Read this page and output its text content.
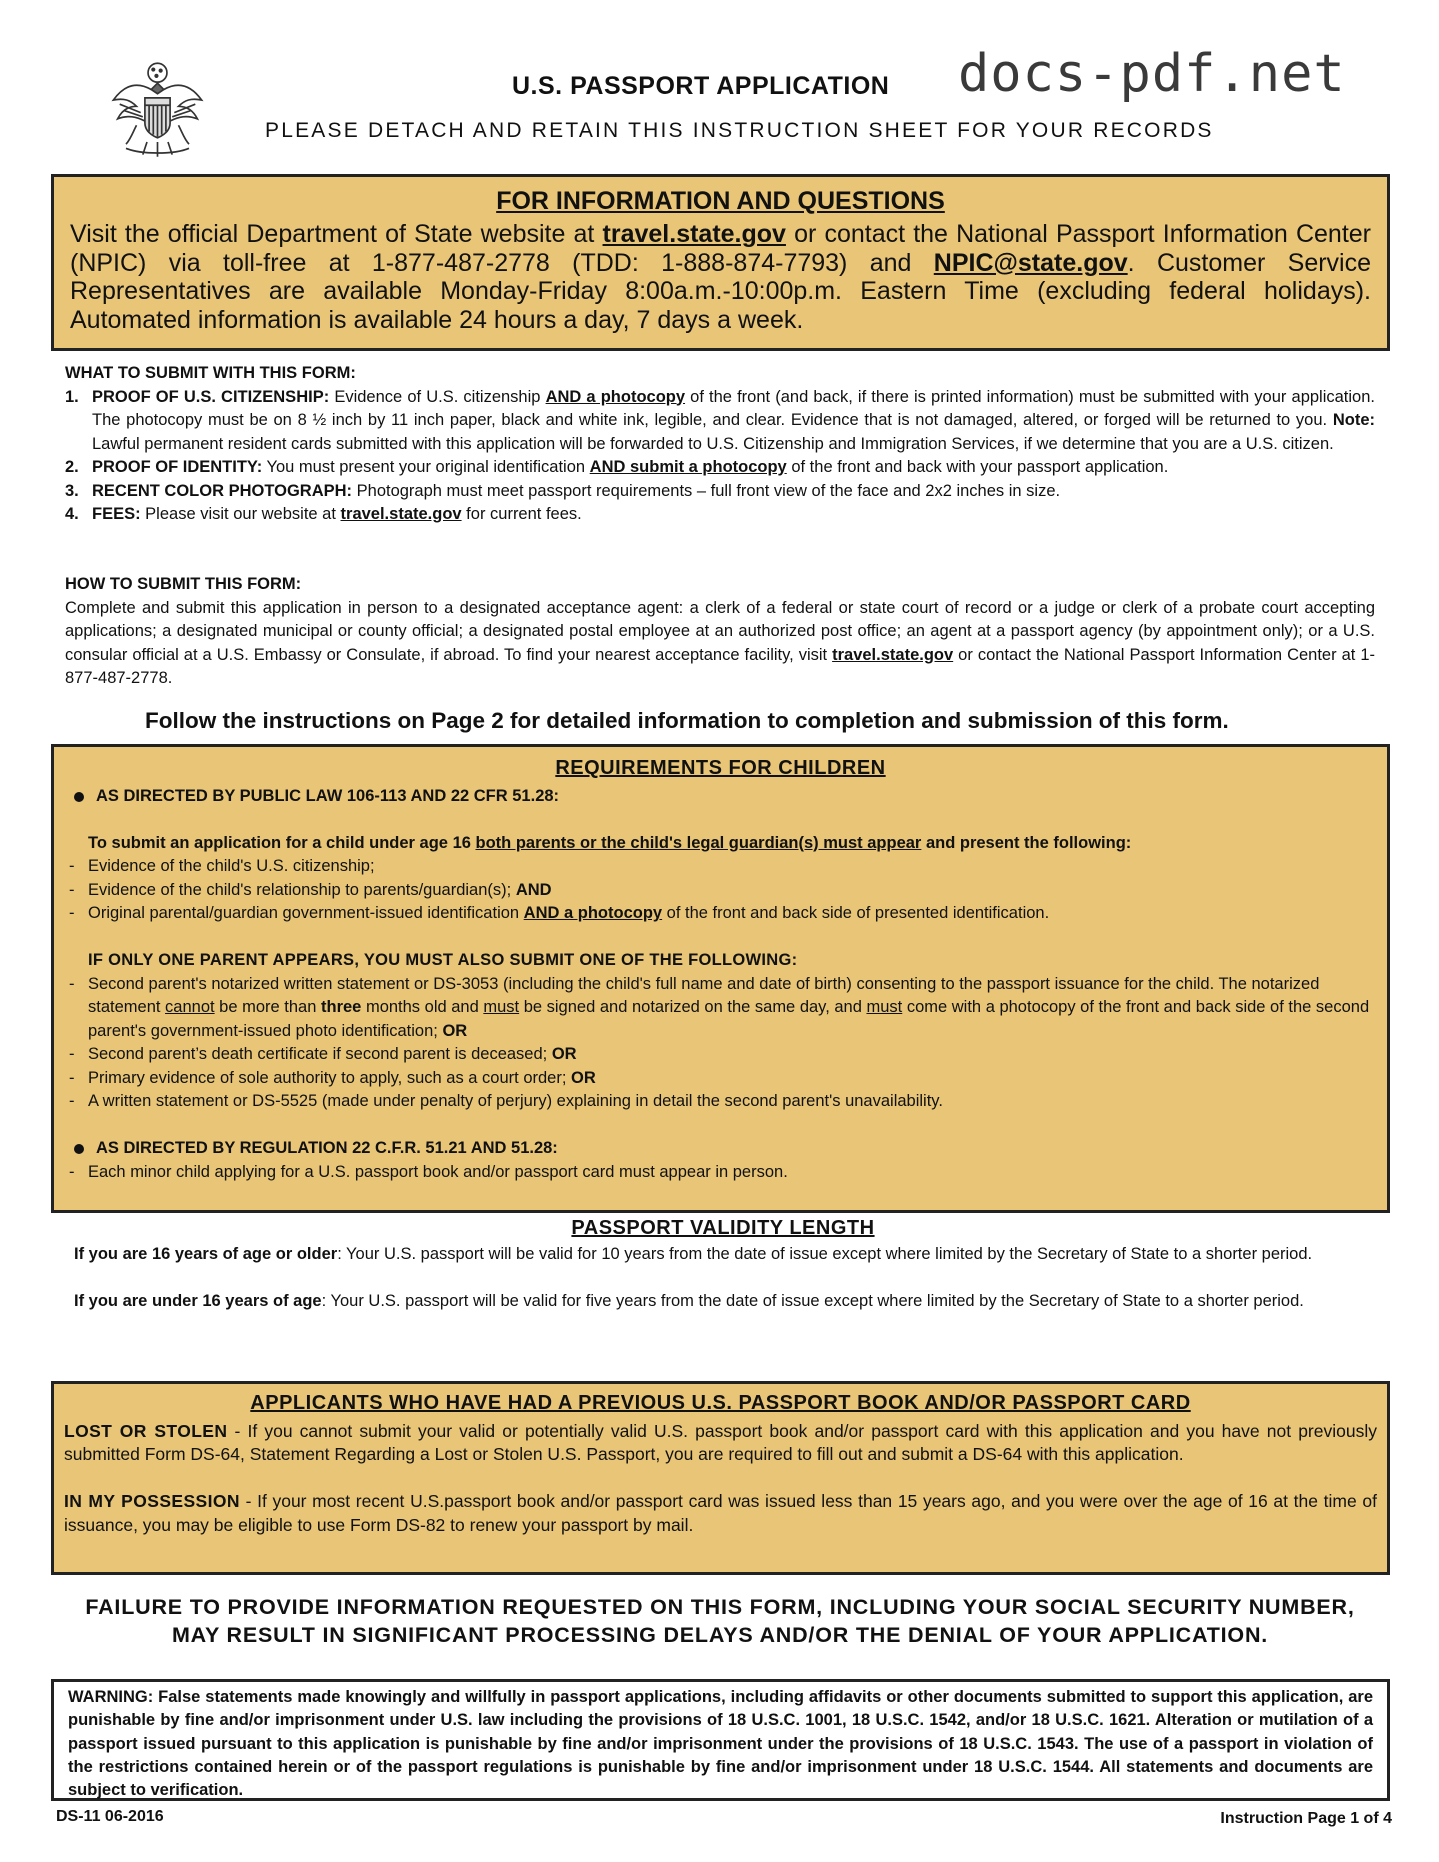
U.S. PASSPORT APPLICATION docs-pdf.net
PLEASE DETACH AND RETAIN THIS INSTRUCTION SHEET FOR YOUR RECORDS
FOR INFORMATION AND QUESTIONS

Visit the official Department of State website at travel.state.gov or contact the National Passport Information Center (NPIC) via toll-free at 1-877-487-2778 (TDD: 1-888-874-7793) and NPIC@state.gov. Customer Service Representatives are available Monday-Friday 8:00a.m.-10:00p.m. Eastern Time (excluding federal holidays). Automated information is available 24 hours a day, 7 days a week.

WHAT TO SUBMIT WITH THIS FORM:
1. PROOF OF U.S. CITIZENSHIP: Evidence of U.S. citizenship AND a photocopy of the front (and back, if there is printed information) must be submitted with your application. The photocopy must be on 8 ½ inch by 11 inch paper, black and white ink, legible, and clear. Evidence that is not damaged, altered, or forged will be returned to you. Note: Lawful permanent resident cards submitted with this application will be forwarded to U.S. Citizenship and Immigration Services, if we determine that you are a U.S. citizen.
2. PROOF OF IDENTITY: You must present your original identification AND submit a photocopy of the front and back with your passport application.
3. RECENT COLOR PHOTOGRAPH: Photograph must meet passport requirements – full front view of the face and 2x2 inches in size.
4. FEES: Please visit our website at travel.state.gov for current fees.
HOW TO SUBMIT THIS FORM:
Complete and submit this application in person to a designated acceptance agent: a clerk of a federal or state court of record or a judge or clerk of a probate court accepting applications; a designated municipal or county official; a designated postal employee at an authorized post office; an agent at a passport agency (by appointment only); or a U.S. consular official at a U.S. Embassy or Consulate, if abroad. To find your nearest acceptance facility, visit travel.state.gov or contact the National Passport Information Center at 1-877-487-2778.
Follow the instructions on Page 2 for detailed information to completion and submission of this form.
REQUIREMENTS FOR CHILDREN
AS DIRECTED BY PUBLIC LAW 106-113 AND 22 CFR 51.28:
To submit an application for a child under age 16 both parents or the child's legal guardian(s) must appear and present the following:
- Evidence of the child's U.S. citizenship;
- Evidence of the child's relationship to parents/guardian(s); AND
- Original parental/guardian government-issued identification AND a photocopy of the front and back side of presented identification.
IF ONLY ONE PARENT APPEARS, YOU MUST ALSO SUBMIT ONE OF THE FOLLOWING:
- Second parent's notarized written statement or DS-3053 (including the child's full name and date of birth) consenting to the passport issuance for the child. The notarized statement cannot be more than three months old and must be signed and notarized on the same day, and must come with a photocopy of the front and back side of the second parent's government-issued photo identification; OR
- Second parent’s death certificate if second parent is deceased; OR
- Primary evidence of sole authority to apply, such as a court order; OR
- A written statement or DS-5525 (made under penalty of perjury) explaining in detail the second parent's unavailability.
AS DIRECTED BY REGULATION 22 C.F.R. 51.21 AND 51.28:
- Each minor child applying for a U.S. passport book and/or passport card must appear in person.
PASSPORT VALIDITY LENGTH

If you are 16 years of age or older: Your U.S. passport will be valid for 10 years from the date of issue except where limited by the Secretary of State to a shorter period.

If you are under 16 years of age: Your U.S. passport will be valid for five years from the date of issue except where limited by the Secretary of State to a shorter period.

APPLICANTS WHO HAVE HAD A PREVIOUS U.S. PASSPORT BOOK AND/OR PASSPORT CARD

LOST OR STOLEN - If you cannot submit your valid or potentially valid U.S. passport book and/or passport card with this application and you have not previously submitted Form DS-64, Statement Regarding a Lost or Stolen U.S. Passport, you are required to fill out and submit a DS-64 with this application.

IN MY POSSESSION - If your most recent U.S.passport book and/or passport card was issued less than 15 years ago, and you were over the age of 16 at the time of issuance, you may be eligible to use Form DS-82 to renew your passport by mail.

FAILURE TO PROVIDE INFORMATION REQUESTED ON THIS FORM, INCLUDING YOUR SOCIAL SECURITY NUMBER,
MAY RESULT IN SIGNIFICANT PROCESSING DELAYS AND/OR THE DENIAL OF YOUR APPLICATION.

WARNING: False statements made knowingly and willfully in passport applications, including affidavits or other documents submitted to support this application, are punishable by fine and/or imprisonment under U.S. law including the provisions of 18 U.S.C. 1001, 18 U.S.C. 1542, and/or 18 U.S.C. 1621. Alteration or mutilation of a passport issued pursuant to this application is punishable by fine and/or imprisonment under the provisions of 18 U.S.C. 1543. The use of a passport in violation of the restrictions contained herein or of the passport regulations is punishable by fine and/or imprisonment under 18 U.S.C. 1544. All statements and documents are subject to verification.

DS-11 06-2016	Instruction Page 1 of 4
